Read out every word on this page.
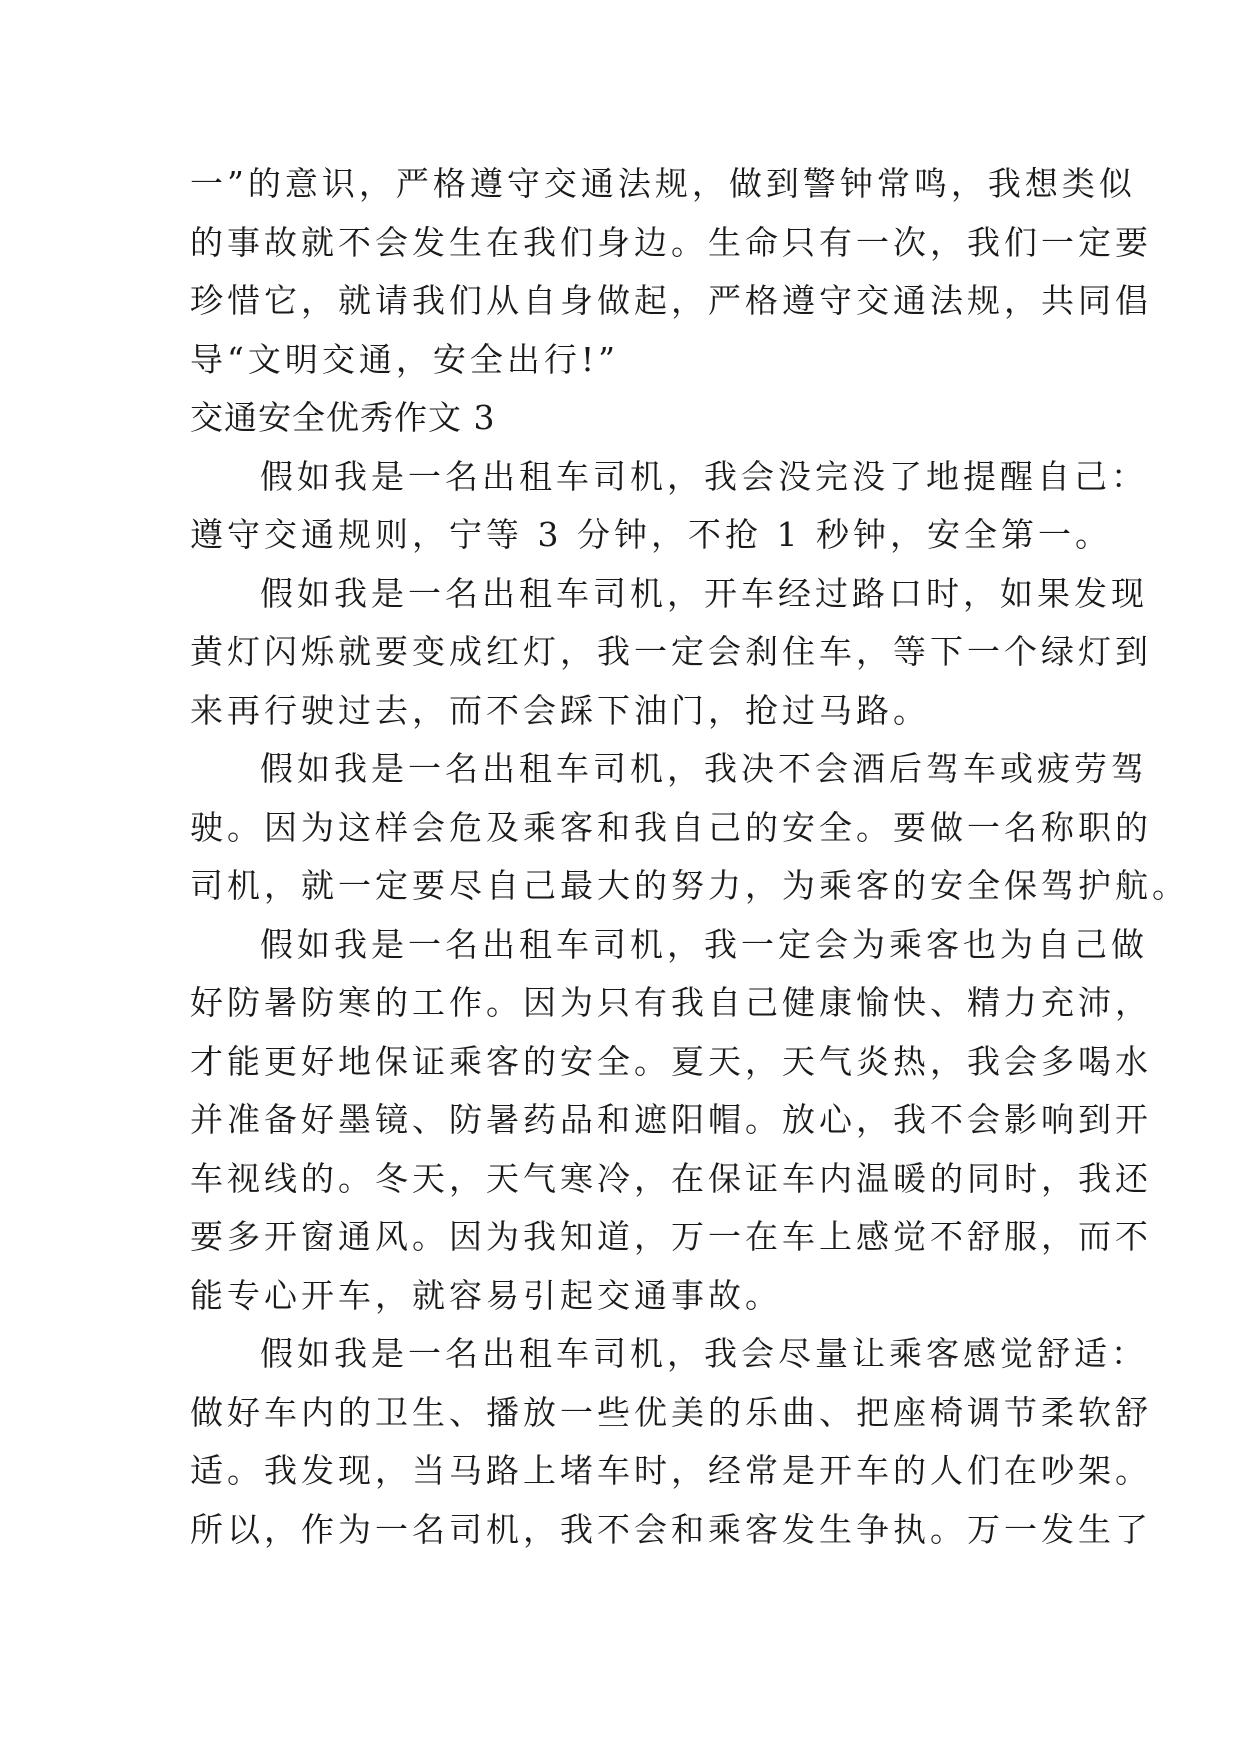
一”的意识，严格遵守交通法规，做到警钟常鸣，我想类似
的事故就不会发生在我们身边。生命只有一次，我们一定要
珍惜它，就请我们从自身做起，严格遵守交通法规，共同倡
导“文明交通，安全出行!”
交通安全优秀作文 3
假如我是一名出租车司机，我会没完没了地提醒自己：
遵守交通规则，宁等 3 分钟，不抢 1 秒钟，安全第一。
假如我是一名出租车司机，开车经过路口时，如果发现
黄灯闪烁就要变成红灯，我一定会刹住车，等下一个绿灯到
来再行驶过去，而不会踩下油门，抢过马路。
假如我是一名出租车司机，我决不会酒后驾车或疲劳驾
驶。因为这样会危及乘客和我自己的安全。要做一名称职的
司机，就一定要尽自己最大的努力，为乘客的安全保驾护航。
假如我是一名出租车司机，我一定会为乘客也为自己做
好防暑防寒的工作。因为只有我自己健康愉快、精力充沛，
才能更好地保证乘客的安全。夏天，天气炎热，我会多喝水
并准备好墨镜、防暑药品和遮阳帽。放心，我不会影响到开
车视线的。冬天，天气寒冷，在保证车内温暖的同时，我还
要多开窗通风。因为我知道，万一在车上感觉不舒服，而不
能专心开车，就容易引起交通事故。
假如我是一名出租车司机，我会尽量让乘客感觉舒适：
做好车内的卫生、播放一些优美的乐曲、把座椅调节柔软舒
适。我发现，当马路上堵车时，经常是开车的人们在吵架。
所以，作为一名司机，我不会和乘客发生争执。万一发生了
